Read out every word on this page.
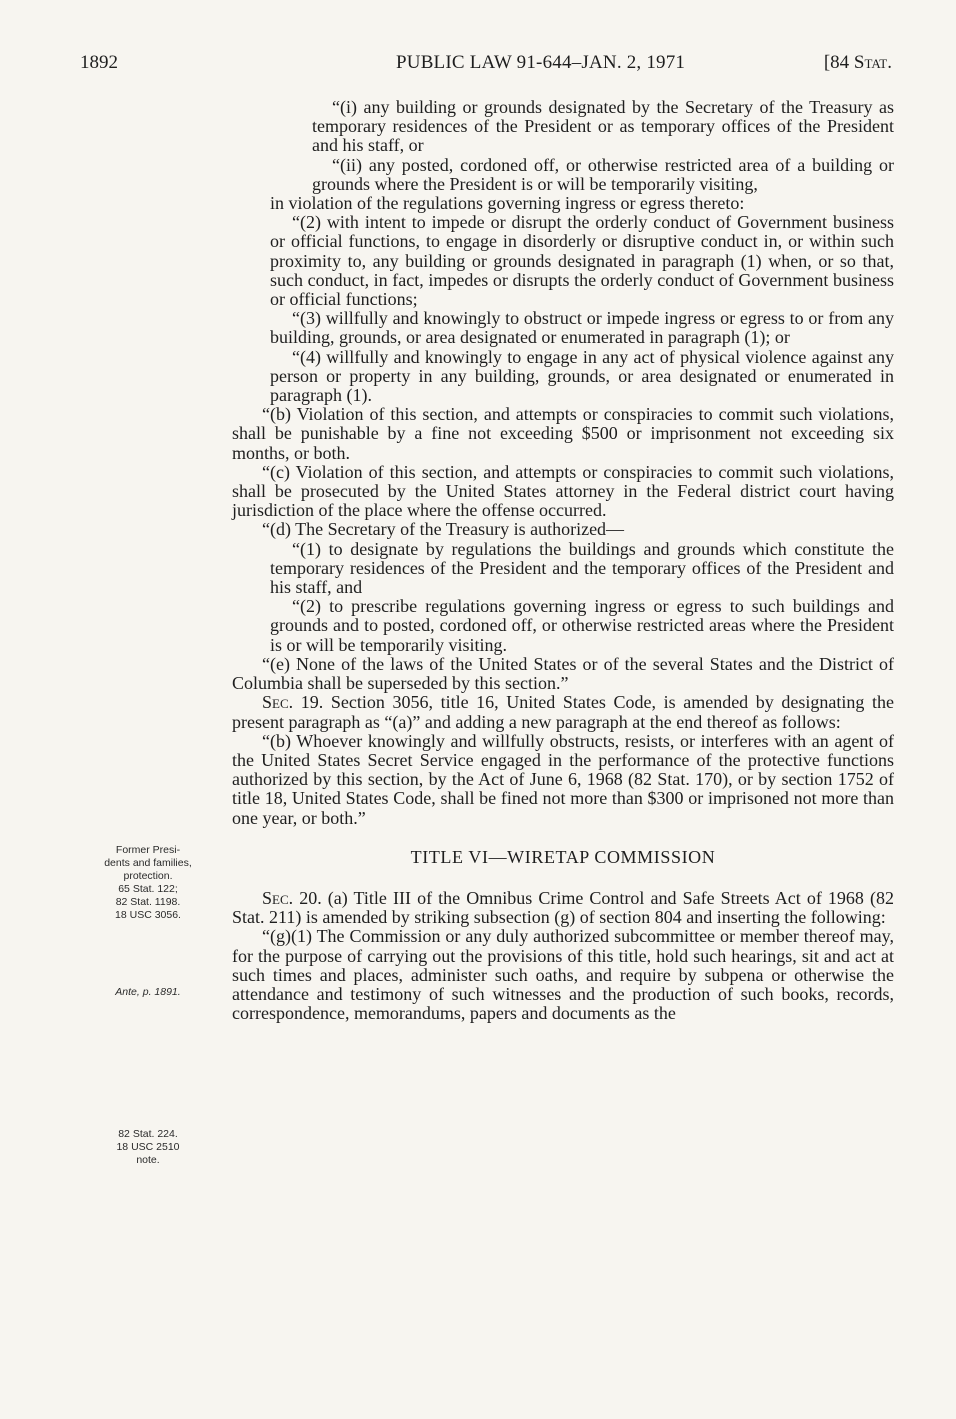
1892	PUBLIC LAW 91-644–JAN. 2, 1971	[84 Stat.
Former Presi-
dents and families,
protection.
65 Stat. 122;
82 Stat. 1198.
18 USC 3056.
Ante, p. 1891.
82 Stat. 224.
18 USC 2510
note.

“(i) any building or grounds designated by the Secretary of the Treasury as temporary residences of the President or as temporary offices of the President and his staff, or

“(ii) any posted, cordoned off, or otherwise restricted area of a building or grounds where the President is or will be temporarily visiting,

in violation of the regulations governing ingress or egress thereto:

“(2) with intent to impede or disrupt the orderly conduct of Government business or official functions, to engage in disorderly or disruptive conduct in, or within such proximity to, any building or grounds designated in paragraph (1) when, or so that, such conduct, in fact, impedes or disrupts the orderly conduct of Government business or official functions;

“(3) willfully and knowingly to obstruct or impede ingress or egress to or from any building, grounds, or area designated or enumerated in paragraph (1); or

“(4) willfully and knowingly to engage in any act of physical violence against any person or property in any building, grounds, or area designated or enumerated in paragraph (1).

“(b) Violation of this section, and attempts or conspiracies to commit such violations, shall be punishable by a fine not exceeding $500 or imprisonment not exceeding six months, or both.

“(c) Violation of this section, and attempts or conspiracies to commit such violations, shall be prosecuted by the United States attorney in the Federal district court having jurisdiction of the place where the offense occurred.

“(d) The Secretary of the Treasury is authorized—

“(1) to designate by regulations the buildings and grounds which constitute the temporary residences of the President and the temporary offices of the President and his staff, and

“(2) to prescribe regulations governing ingress or egress to such buildings and grounds and to posted, cordoned off, or otherwise restricted areas where the President is or will be temporarily visiting.

“(e) None of the laws of the United States or of the several States and the District of Columbia shall be superseded by this section.”

Sec. 19. Section 3056, title 16, United States Code, is amended by designating the present paragraph as “(a)” and adding a new paragraph at the end thereof as follows:

“(b) Whoever knowingly and willfully obstructs, resists, or interferes with an agent of the United States Secret Service engaged in the performance of the protective functions authorized by this section, by the Act of June 6, 1968 (82 Stat. 170), or by section 1752 of title 18, United States Code, shall be fined not more than $300 or imprisoned not more than one year, or both.”

TITLE VI—WIRETAP COMMISSION

Sec. 20. (a) Title III of the Omnibus Crime Control and Safe Streets Act of 1968 (82 Stat. 211) is amended by striking subsection (g) of section 804 and inserting the following:

“(g)(1) The Commission or any duly authorized subcommittee or member thereof may, for the purpose of carrying out the provisions of this title, hold such hearings, sit and act at such times and places, administer such oaths, and require by subpena or otherwise the attendance and testimony of such witnesses and the production of such books, records, correspondence, memorandums, papers and documents as the
